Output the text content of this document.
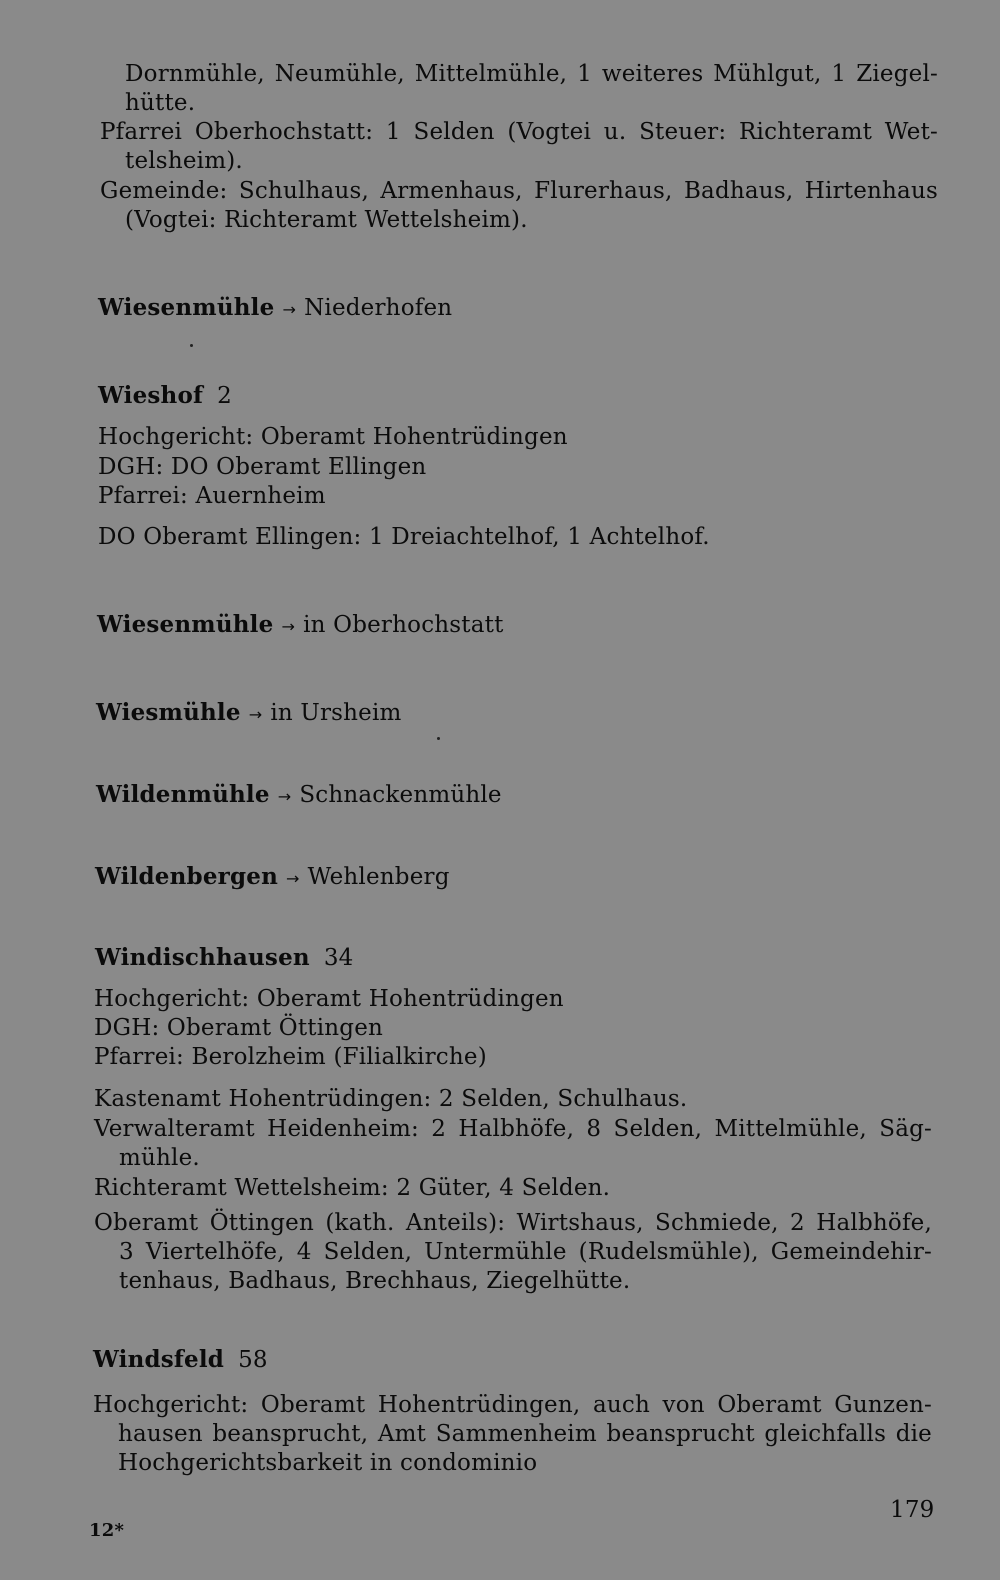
Dornmühle, Neumühle, Mittelmühle, 1 weiteres Mühlgut, 1 Ziegel-
hütte.
Pfarrei Oberhochstatt: 1 Selden (Vogtei u. Steuer: Richteramt Wet-
telsheim).
Gemeinde: Schulhaus, Armenhaus, Flurerhaus, Badhaus, Hirtenhaus
(Vogtei: Richteramt Wettelsheim).
Wiesenmühle → Niederhofen
Wieshof 2
Hochgericht: Oberamt Hohentrüdingen
DGH: DO Oberamt Ellingen
Pfarrei: Auernheim
DO Oberamt Ellingen: 1 Dreiachtelhof, 1 Achtelhof.
Wiesenmühle → in Oberhochstatt
Wiesmühle → in Ursheim
Wildenmühle → Schnackenmühle
Wildenbergen → Wehlenberg
Windischhausen 34
Hochgericht: Oberamt Hohentrüdingen
DGH: Oberamt Öttingen
Pfarrei: Berolzheim (Filialkirche)
Kastenamt Hohentrüdingen: 2 Selden, Schulhaus.
Verwalteramt Heidenheim: 2 Halbhöfe, 8 Selden, Mittelmühle, Säg-
mühle.
Richteramt Wettelsheim: 2 Güter, 4 Selden.
Oberamt Öttingen (kath. Anteils): Wirtshaus, Schmiede, 2 Halbhöfe,
3 Viertelhöfe, 4 Selden, Untermühle (Rudelsmühle), Gemeindehir-
tenhaus, Badhaus, Brechhaus, Ziegelhütte.
Windsfeld 58
Hochgericht: Oberamt Hohentrüdingen, auch von Oberamt Gunzen-
hausen beansprucht, Amt Sammenheim beansprucht gleichfalls die
Hochgerichtsbarkeit in condominio
12*
179
